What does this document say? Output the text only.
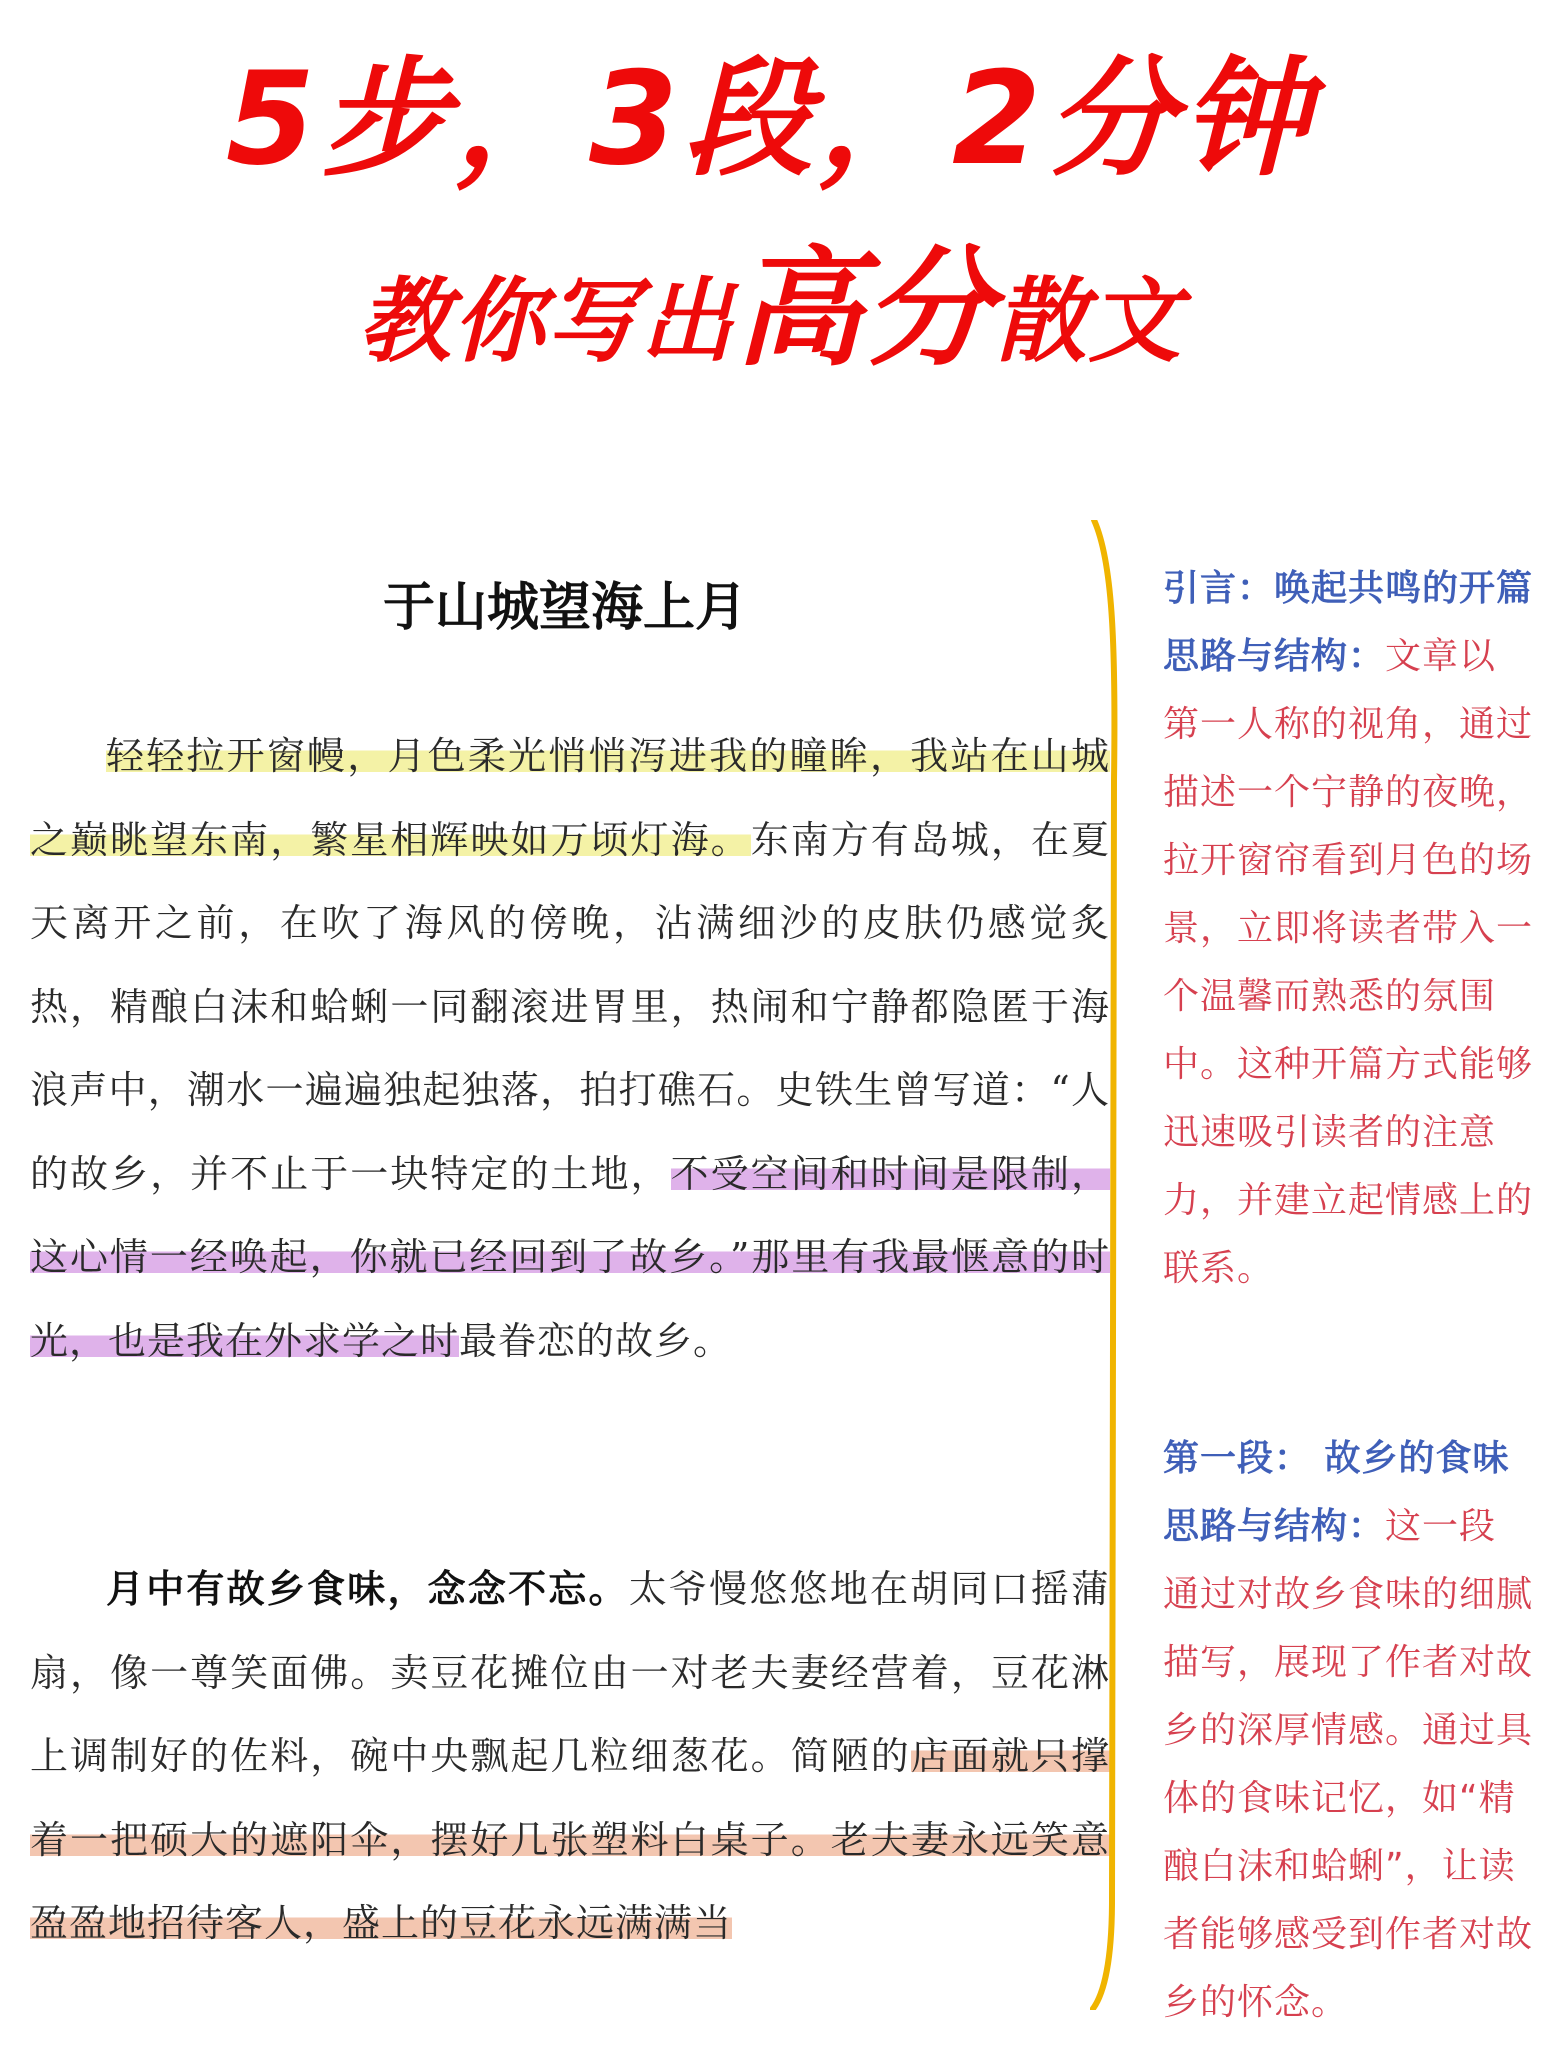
5步，3段，2分钟
教你写出高分散文
于山城望海上月

轻轻拉开窗幔，月色柔光悄悄泻进我的瞳眸，我站在山城之巅眺望东南，繁星相辉映如万顷灯海。东南方有岛城，在夏天离开之前，在吹了海风的傍晚，沾满细沙的皮肤仍感觉炙热，精酿白沫和蛤蜊一同翻滚进胃里，热闹和宁静都隐匿于海浪声中，潮水一遍遍独起独落，拍打礁石。史铁生曾写道：“人的故乡，并不止于一块特定的土地，不受空间和时间是限制，这心情一经唤起，你就已经回到了故乡。”那里有我最惬意的时光，也是我在外求学之时最眷恋的故乡。

月中有故乡食味，念念不忘。太爷慢悠悠地在胡同口摇蒲扇，像一尊笑面佛。卖豆花摊位由一对老夫妻经营着，豆花淋上调制好的佐料，碗中央飘起几粒细葱花。简陋的店面就只撑着一把硕大的遮阳伞，摆好几张塑料白桌子。老夫妻永远笑意盈盈地招待客人，盛上的豆花永远满满当

引言：唤起共鸣的开篇
思路与结构：文章以第一人称的视角，通过描述一个宁静的夜晚，拉开窗帘看到月色的场景，立即将读者带入一个温馨而熟悉的氛围中。这种开篇方式能够迅速吸引读者的注意力，并建立起情感上的联系。
第一段： 故乡的食味
思路与结构：这一段通过对故乡食味的细腻描写，展现了作者对故乡的深厚情感。通过具体的食味记忆，如“精酿白沫和蛤蜊”，让读者能够感受到作者对故乡的怀念。
